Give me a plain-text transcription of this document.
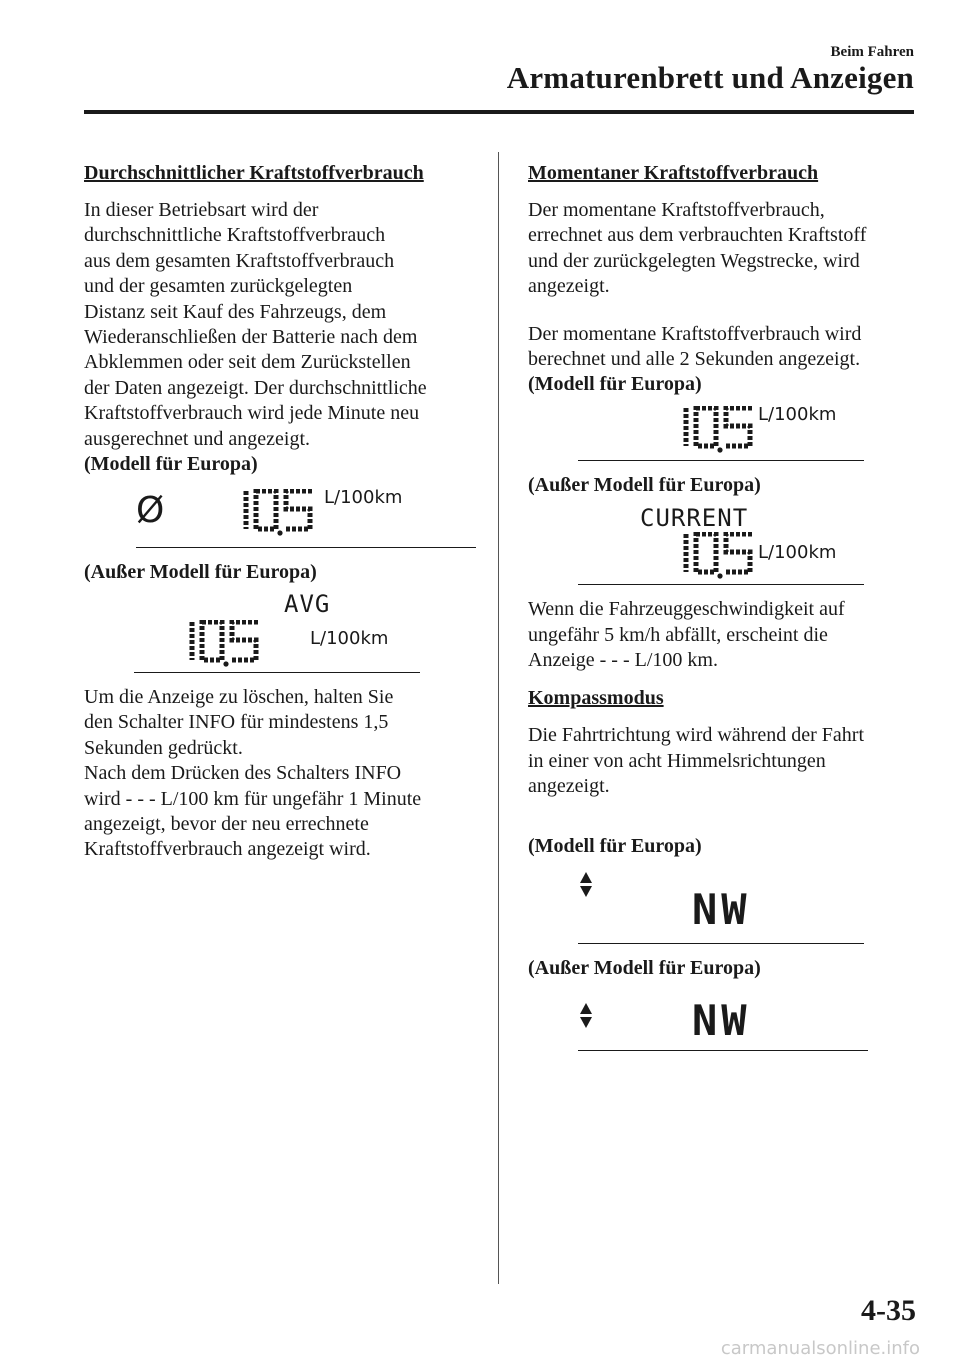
Beim Fahren
Armaturenbrett und Anzeigen
Durchschnittlicher Kraftstoffverbrauch

In dieser Betriebsart wird der
durchschnittliche Kraftstoffverbrauch
aus dem gesamten Kraftstoffverbrauch
und der gesamten zurückgelegten
Distanz seit Kauf des Fahrzeugs, dem
Wiederanschließen der Batterie nach dem
Abklemmen oder seit dem Zurückstellen
der Daten angezeigt. Der durchschnittliche
Kraftstoffverbrauch wird jede Minute neu
ausgerechnet und angezeigt.

(Modell für Europa)
Ø	L/100km
(Außer Modell für Europa)
AVG
L/100km

Um die Anzeige zu löschen, halten Sie
den Schalter INFO für mindestens 1,5
Sekunden gedrückt.
Nach dem Drücken des Schalters INFO
wird - - - L/100 km für ungefähr 1 Minute
angezeigt, bevor der neu errechnete
Kraftstoffverbrauch angezeigt wird.

Momentaner Kraftstoffverbrauch

Der momentane Kraftstoffverbrauch,
errechnet aus dem verbrauchten Kraftstoff
und der zurückgelegten Wegstrecke, wird
angezeigt.

Der momentane Kraftstoffverbrauch wird
berechnet und alle 2 Sekunden angezeigt.

(Modell für Europa)
L/100km
(Außer Modell für Europa)
CURRENT
L/100km

Wenn die Fahrzeuggeschwindigkeit auf
ungefähr 5 km/h abfällt, erscheint die
Anzeige - - - L/100 km.

Kompassmodus

Die Fahrtrichtung wird während der Fahrt
in einer von acht Himmelsrichtungen
angezeigt.

(Modell für Europa)
NW
(Außer Modell für Europa)
NW
4-35
carmanualsonline.info
